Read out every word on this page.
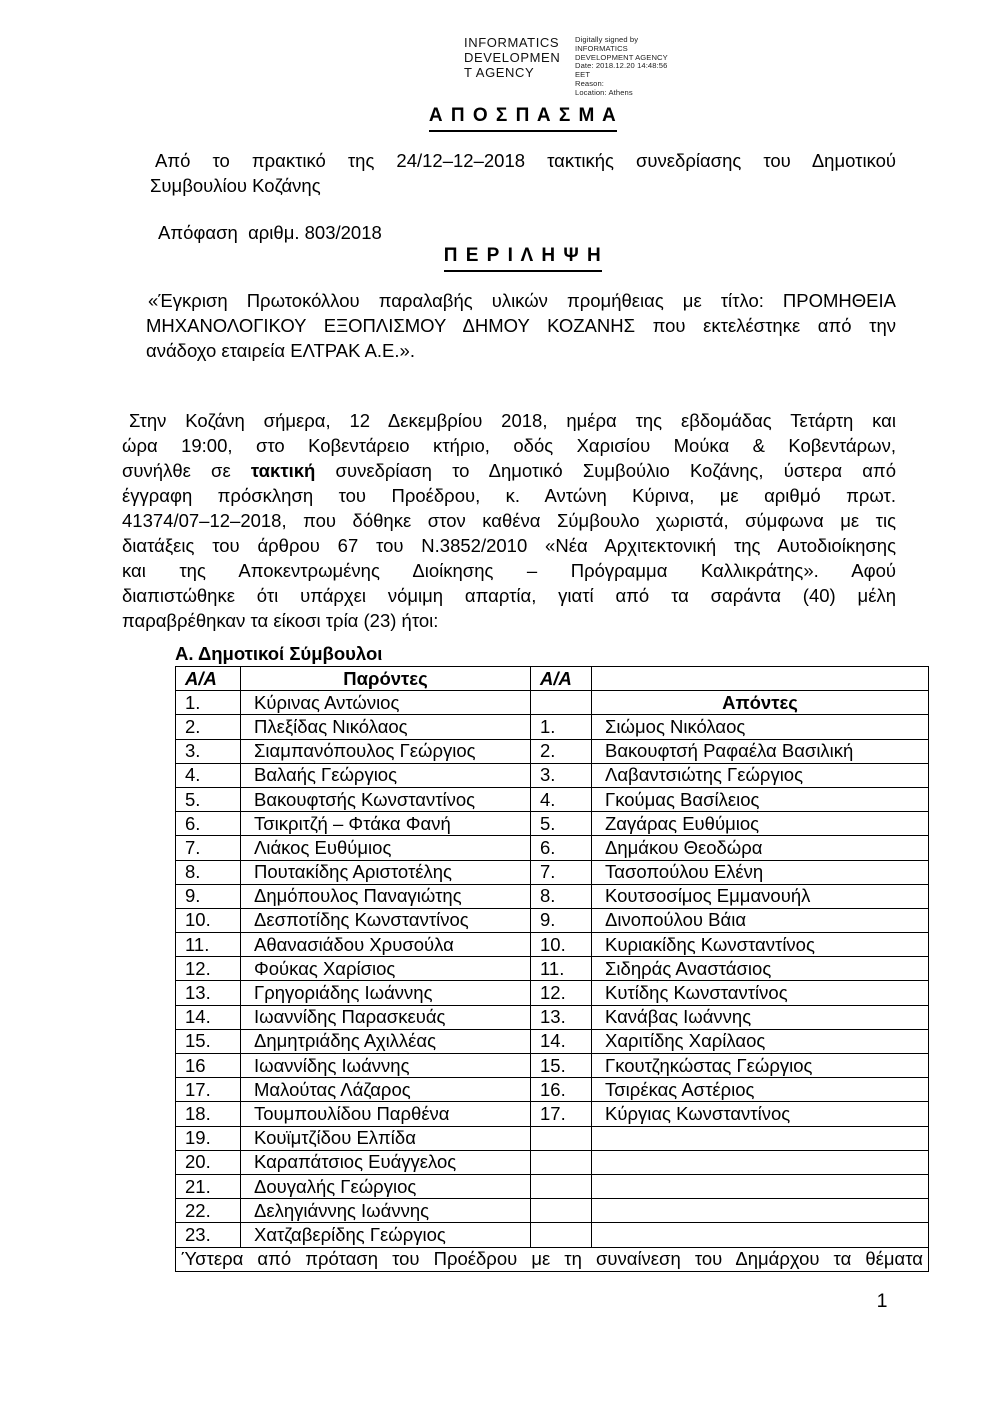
INFORMATICS
DEVELOPMEN
T AGENCY
Digitally signed by
INFORMATICS
DEVELOPMENT AGENCY
Date: 2018.12.20 14:48:56
EET
Reason:
Location: Athens
Α Π Ο Σ Π Α Σ Μ Α
Από το πρακτικό της 24/12–12–2018 τακτικής συνεδρίασης του Δημοτικού
Συμβουλίου Κοζάνης
Απόφαση  αριθμ. 803/2018
Π Ε Ρ Ι Λ Η Ψ Η
«Έγκριση Πρωτοκόλλου παραλαβής υλικών προμήθειας με τίτλο: ΠΡΟΜΗΘΕΙΑ
ΜΗΧΑΝΟΛΟΓΙΚΟΥ ΕΞΟΠΛΙΣΜΟΥ ΔΗΜΟΥ ΚΟΖΑΝΗΣ που εκτελέστηκε από την
ανάδοχο εταιρεία ΕΛΤΡΑΚ Α.Ε.».
Στην Κοζάνη σήμερα, 12 Δεκεμβρίου 2018, ημέρα της εβδομάδας Τετάρτη και
ώρα 19:00, στο Κοβεντάρειο κτήριο, οδός Χαρισίου Μούκα & Κοβεντάρων,
συνήλθε σε τακτική συνεδρίαση το Δημοτικό Συμβούλιο Κοζάνης, ύστερα από
έγγραφη πρόσκληση του Προέδρου, κ. Αντώνη Κύρινα, με αριθμό πρωτ.
41374/07–12–2018, που δόθηκε στον καθένα Σύμβουλο χωριστά, σύμφωνα με τις
διατάξεις του άρθρου 67 του Ν.3852/2010 «Νέα Αρχιτεκτονική της Αυτοδιοίκησης
και της Αποκεντρωμένης Διοίκησης – Πρόγραμμα Καλλικράτης». Αφού
διαπιστώθηκε ότι υπάρχει νόμιμη απαρτία, γιατί από τα σαράντα (40) μέλη
παραβρέθηκαν τα είκοσι τρία (23) ήτοι:
Α. Δημοτικοί Σύμβουλοι
Α/Α	Παρόντες	Α/Α	
1.	Κύρινας Αντώνιος		Απόντες
2.	Πλεξίδας Νικόλαος	1.	Σιώμος Νικόλαος
3.	Σιαμπανόπουλος Γεώργιος	2.	Βακουφτσή Ραφαέλα Βασιλική
4.	Βαλαής Γεώργιος	3.	Λαβαντσιώτης Γεώργιος
5.	Βακουφτσής Κωνσταντίνος	4.	Γκούμας Βασίλειος
6.	Τσικριτζή – Φτάκα Φανή	5.	Ζαγάρας Ευθύμιος
7.	Λιάκος Ευθύμιος	6.	Δημάκου Θεοδώρα
8.	Πουτακίδης Αριστοτέλης	7.	Τασοπούλου Ελένη
9.	Δημόπουλος Παναγιώτης	8.	Κουτσοσίμος Εμμανουήλ
10.	Δεσποτίδης Κωνσταντίνος	9.	Δινοπούλου Βάια
11.	Αθανασιάδου Χρυσούλα	10.	Κυριακίδης Κωνσταντίνος
12.	Φούκας Χαρίσιος	11.	Σιδηράς Αναστάσιος
13.	Γρηγοριάδης Ιωάννης	12.	Κυτίδης Κωνσταντίνος
14.	Ιωαννίδης Παρασκευάς	13.	Κανάβας Ιωάννης
15.	Δημητριάδης Αχιλλέας	14.	Χαριτίδης Χαρίλαος
16	Ιωαννίδης Ιωάννης	15.	Γκουτζηκώστας Γεώργιος
17.	Μαλούτας Λάζαρος	16.	Τσιρέκας Αστέριος
18.	Τουμπουλίδου Παρθένα	17.	Κύργιας Κωνσταντίνος
19.	Κουϊμτζίδου Ελπίδα		
20.	Καραπάτσιος Ευάγγελος		
21.	Δουγαλής Γεώργιος		
22.	Δεληγιάννης Ιωάννης		
23.	Χατζαβερίδης Γεώργιος		
Ύστερα από πρόταση του Προέδρου με τη συναίνεση του Δημάρχου τα θέματα			
1
